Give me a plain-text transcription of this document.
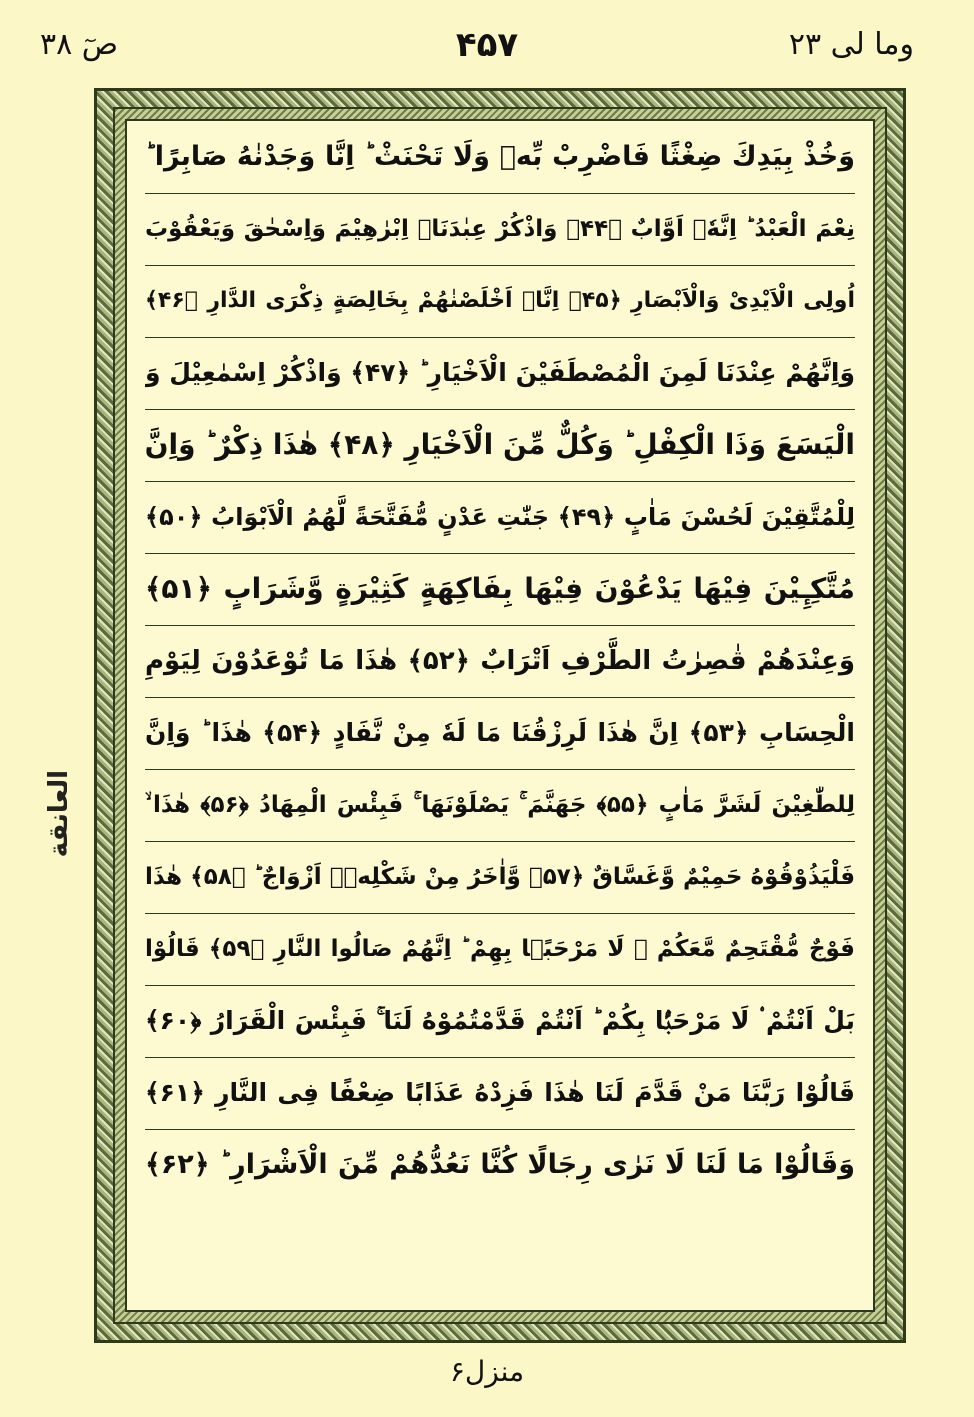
وما لی ۲۳
۴۵۷
صٓ ۳۸
العانقة
وَخُذْ بِيَدِكَ ضِغْثًا فَاضْرِبْ بِّهٖ وَلَا تَحْنَثْ ؕ اِنَّا وَجَدْنٰهُ صَابِرًا ؕ
نِعْمَ الْعَبْدُ ؕ اِنَّهٗۤ اَوَّابٌ ﴿۴۴﴾ وَاذْكُرْ عِبٰدَنَاۤ اِبْرٰهِيْمَ وَاِسْحٰقَ وَيَعْقُوْبَ
اُولِى الْاَيْدِىْ وَالْاَبْصَارِ ﴿۴۵﴾ اِنَّاۤ اَخْلَصْنٰهُمْ بِخَالِصَةٍ ذِكْرَى الدَّارِ ﴿۴۶﴾
وَاِنَّهُمْ عِنْدَنَا لَمِنَ الْمُصْطَفَيْنَ الْاَخْيَارِ ؕ ﴿۴۷﴾ وَاذْكُرْ اِسْمٰعِيْلَ وَ
الْيَسَعَ وَذَا الْكِفْلِ ؕ وَكُلٌّ مِّنَ الْاَخْيَارِ ﴿۴۸﴾ هٰذَا ذِكْرٌ ؕ وَاِنَّ
لِلْمُتَّقِيْنَ لَحُسْنَ مَاٰبٍ ﴿۴۹﴾ جَنّٰتِ عَدْنٍ مُّفَتَّحَةً لَّهُمُ الْاَبْوَابُ ﴿۵۰﴾
مُتَّكِـِٕيْنَ فِيْهَا يَدْعُوْنَ فِيْهَا بِفَاكِهَةٍ كَثِيْرَةٍ وَّشَرَابٍ ﴿۵۱﴾
وَعِنْدَهُمْ قٰصِرٰتُ الطَّرْفِ اَتْرَابٌ ﴿۵۲﴾ هٰذَا مَا تُوْعَدُوْنَ لِيَوْمِ
الْحِسَابِ ﴿۵۳﴾ اِنَّ هٰذَا لَرِزْقُنَا مَا لَهٗ مِنْ نَّفَادٍ ﴿۵۴﴾ هٰذَا ؕ وَاِنَّ
لِلطّٰغِيْنَ لَشَرَّ مَاٰبٍ ﴿۵۵﴾ جَهَنَّمَ ۚ يَصْلَوْنَهَا ۚ فَبِئْسَ الْمِهَادُ ﴿۵۶﴾ هٰذَا ۙ
فَلْيَذُوْقُوْهُ حَمِيْمٌ وَّغَسَّاقٌ ﴿۵۷﴾ وَّاٰخَرُ مِنْ شَكْلِهٖۤ اَزْوَاجٌ ؕ ﴿۵۸﴾ هٰذَا
فَوْجٌ مُّقْتَحِمٌ مَّعَكُمْ ۚ لَا مَرْحَبًۢا بِهِمْ ؕ اِنَّهُمْ صَالُوا النَّارِ ﴿۵۹﴾ قَالُوْا
بَلْ اَنْتُمْ ۟ لَا مَرْحَبًۢا بِكُمْ ؕ اَنْتُمْ قَدَّمْتُمُوْهُ لَنَا ۚ فَبِئْسَ الْقَرَارُ ﴿۶۰﴾
قَالُوْا رَبَّنَا مَنْ قَدَّمَ لَنَا هٰذَا فَزِدْهُ عَذَابًا ضِعْفًا فِى النَّارِ ﴿۶۱﴾
وَقَالُوْا مَا لَنَا لَا نَرٰى رِجَالًا كُنَّا نَعُدُّهُمْ مِّنَ الْاَشْرَارِ ؕ ﴿۶۲﴾
منزل۶
